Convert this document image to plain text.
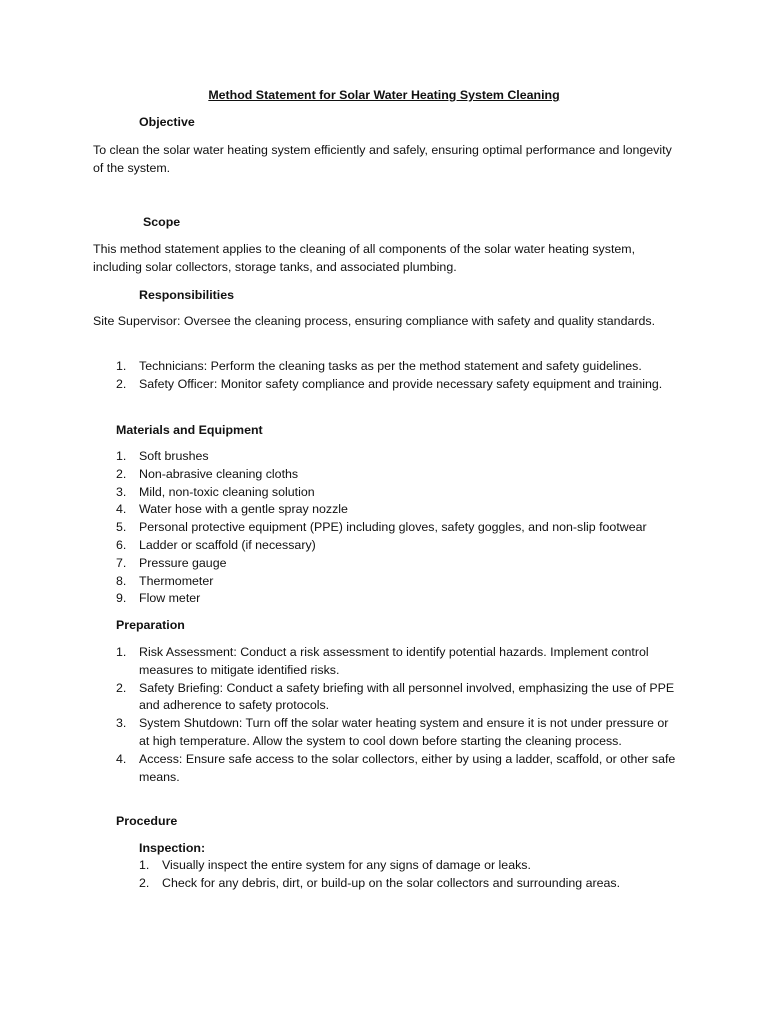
Method Statement for Solar Water Heating System Cleaning
Objective
To clean the solar water heating system efficiently and safely, ensuring optimal performance and longevity of the system.
Scope
This method statement applies to the cleaning of all components of the solar water heating system, including solar collectors, storage tanks, and associated plumbing.
Responsibilities
Site Supervisor: Oversee the cleaning process, ensuring compliance with safety and quality standards.
1. Technicians: Perform the cleaning tasks as per the method statement and safety guidelines.
2. Safety Officer: Monitor safety compliance and provide necessary safety equipment and training.
Materials and Equipment
1. Soft brushes
2. Non-abrasive cleaning cloths
3. Mild, non-toxic cleaning solution
4. Water hose with a gentle spray nozzle
5. Personal protective equipment (PPE) including gloves, safety goggles, and non-slip footwear
6. Ladder or scaffold (if necessary)
7. Pressure gauge
8. Thermometer
9. Flow meter
Preparation
1. Risk Assessment: Conduct a risk assessment to identify potential hazards. Implement control measures to mitigate identified risks.
2. Safety Briefing: Conduct a safety briefing with all personnel involved, emphasizing the use of PPE and adherence to safety protocols.
3. System Shutdown: Turn off the solar water heating system and ensure it is not under pressure or at high temperature. Allow the system to cool down before starting the cleaning process.
4. Access: Ensure safe access to the solar collectors, either by using a ladder, scaffold, or other safe means.
Procedure
Inspection:
1. Visually inspect the entire system for any signs of damage or leaks.
2. Check for any debris, dirt, or build-up on the solar collectors and surrounding areas.
